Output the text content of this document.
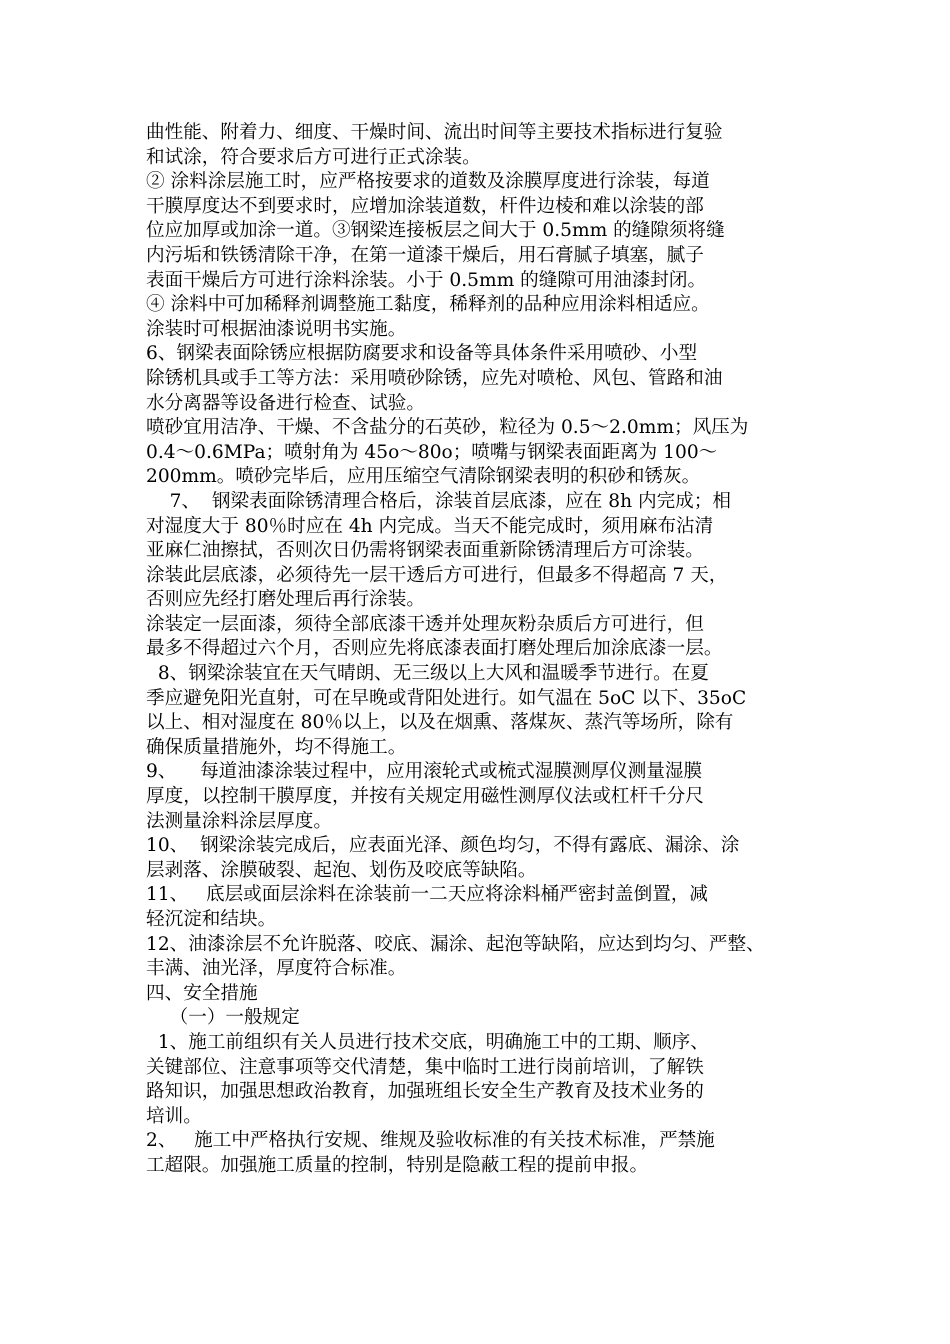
曲性能、附着力、细度、干燥时间、流出时间等主要技术指标进行复验
和试涂，符合要求后方可进行正式涂装。
② 涂料涂层施工时，应严格按要求的道数及涂膜厚度进行涂装，每道
干膜厚度达不到要求时，应增加涂装道数，杆件边棱和难以涂装的部
位应加厚或加涂一道。③钢梁连接板层之间大于 0.5mm 的缝隙须将缝
内污垢和铁锈清除干净，在第一道漆干燥后，用石膏腻子填塞，腻子
表面干燥后方可进行涂料涂装。小于 0.5mm 的缝隙可用油漆封闭。
④ 涂料中可加稀释剂调整施工黏度，稀释剂的品种应用涂料相适应。
涂装时可根据油漆说明书实施。
6、钢梁表面除锈应根据防腐要求和设备等具体条件采用喷砂、小型
除锈机具或手工等方法：采用喷砂除锈，应先对喷枪、风包、管路和油
水分离器等设备进行检查、试验。
喷砂宜用洁净、干燥、不含盐分的石英砂，粒径为 0.5～2.0mm；风压为
0.4～0.6MPa；喷射角为 45o～80o；喷嘴与钢梁表面距离为 100～
200mm。喷砂完毕后，应用压缩空气清除钢梁表明的积砂和锈灰。
7、  钢梁表面除锈清理合格后，涂装首层底漆，应在 8h 内完成；相
对湿度大于 80％时应在 4h 内完成。当天不能完成时，须用麻布沾清
亚麻仁油擦拭，否则次日仍需将钢梁表面重新除锈清理后方可涂装。
涂装此层底漆，必须待先一层干透后方可进行，但最多不得超高 7 天，
否则应先经打磨处理后再行涂装。
涂装定一层面漆，须待全部底漆干透并处理灰粉杂质后方可进行，但
最多不得超过六个月，否则应先将底漆表面打磨处理后加涂底漆一层。
8、钢梁涂装宜在天气晴朗、无三级以上大风和温暖季节进行。在夏
季应避免阳光直射，可在早晚或背阳处进行。如气温在 5oC 以下、35oC
以上、相对湿度在 80％以上，以及在烟熏、落煤灰、蒸汽等场所，除有
确保质量措施外，均不得施工。
9、    每道油漆涂装过程中，应用滚轮式或梳式湿膜测厚仪测量湿膜
厚度，以控制干膜厚度，并按有关规定用磁性测厚仪法或杠杆千分尺
法测量涂料涂层厚度。
10、  钢梁涂装完成后，应表面光泽、颜色均匀，不得有露底、漏涂、涂
层剥落、涂膜破裂、起泡、划伤及咬底等缺陷。
11、   底层或面层涂料在涂装前一二天应将涂料桶严密封盖倒置，减
轻沉淀和结块。
12、油漆涂层不允许脱落、咬底、漏涂、起泡等缺陷，应达到均匀、严整、
丰满、油光泽，厚度符合标准。
四、安全措施
（一）一般规定
1、施工前组织有关人员进行技术交底，明确施工中的工期、顺序、
关键部位、注意事项等交代清楚，集中临时工进行岗前培训，了解铁
路知识，加强思想政治教育，加强班组长安全生产教育及技术业务的
培训。
2、   施工中严格执行安规、维规及验收标准的有关技术标准，严禁施
工超限。加强施工质量的控制，特别是隐蔽工程的提前申报。
